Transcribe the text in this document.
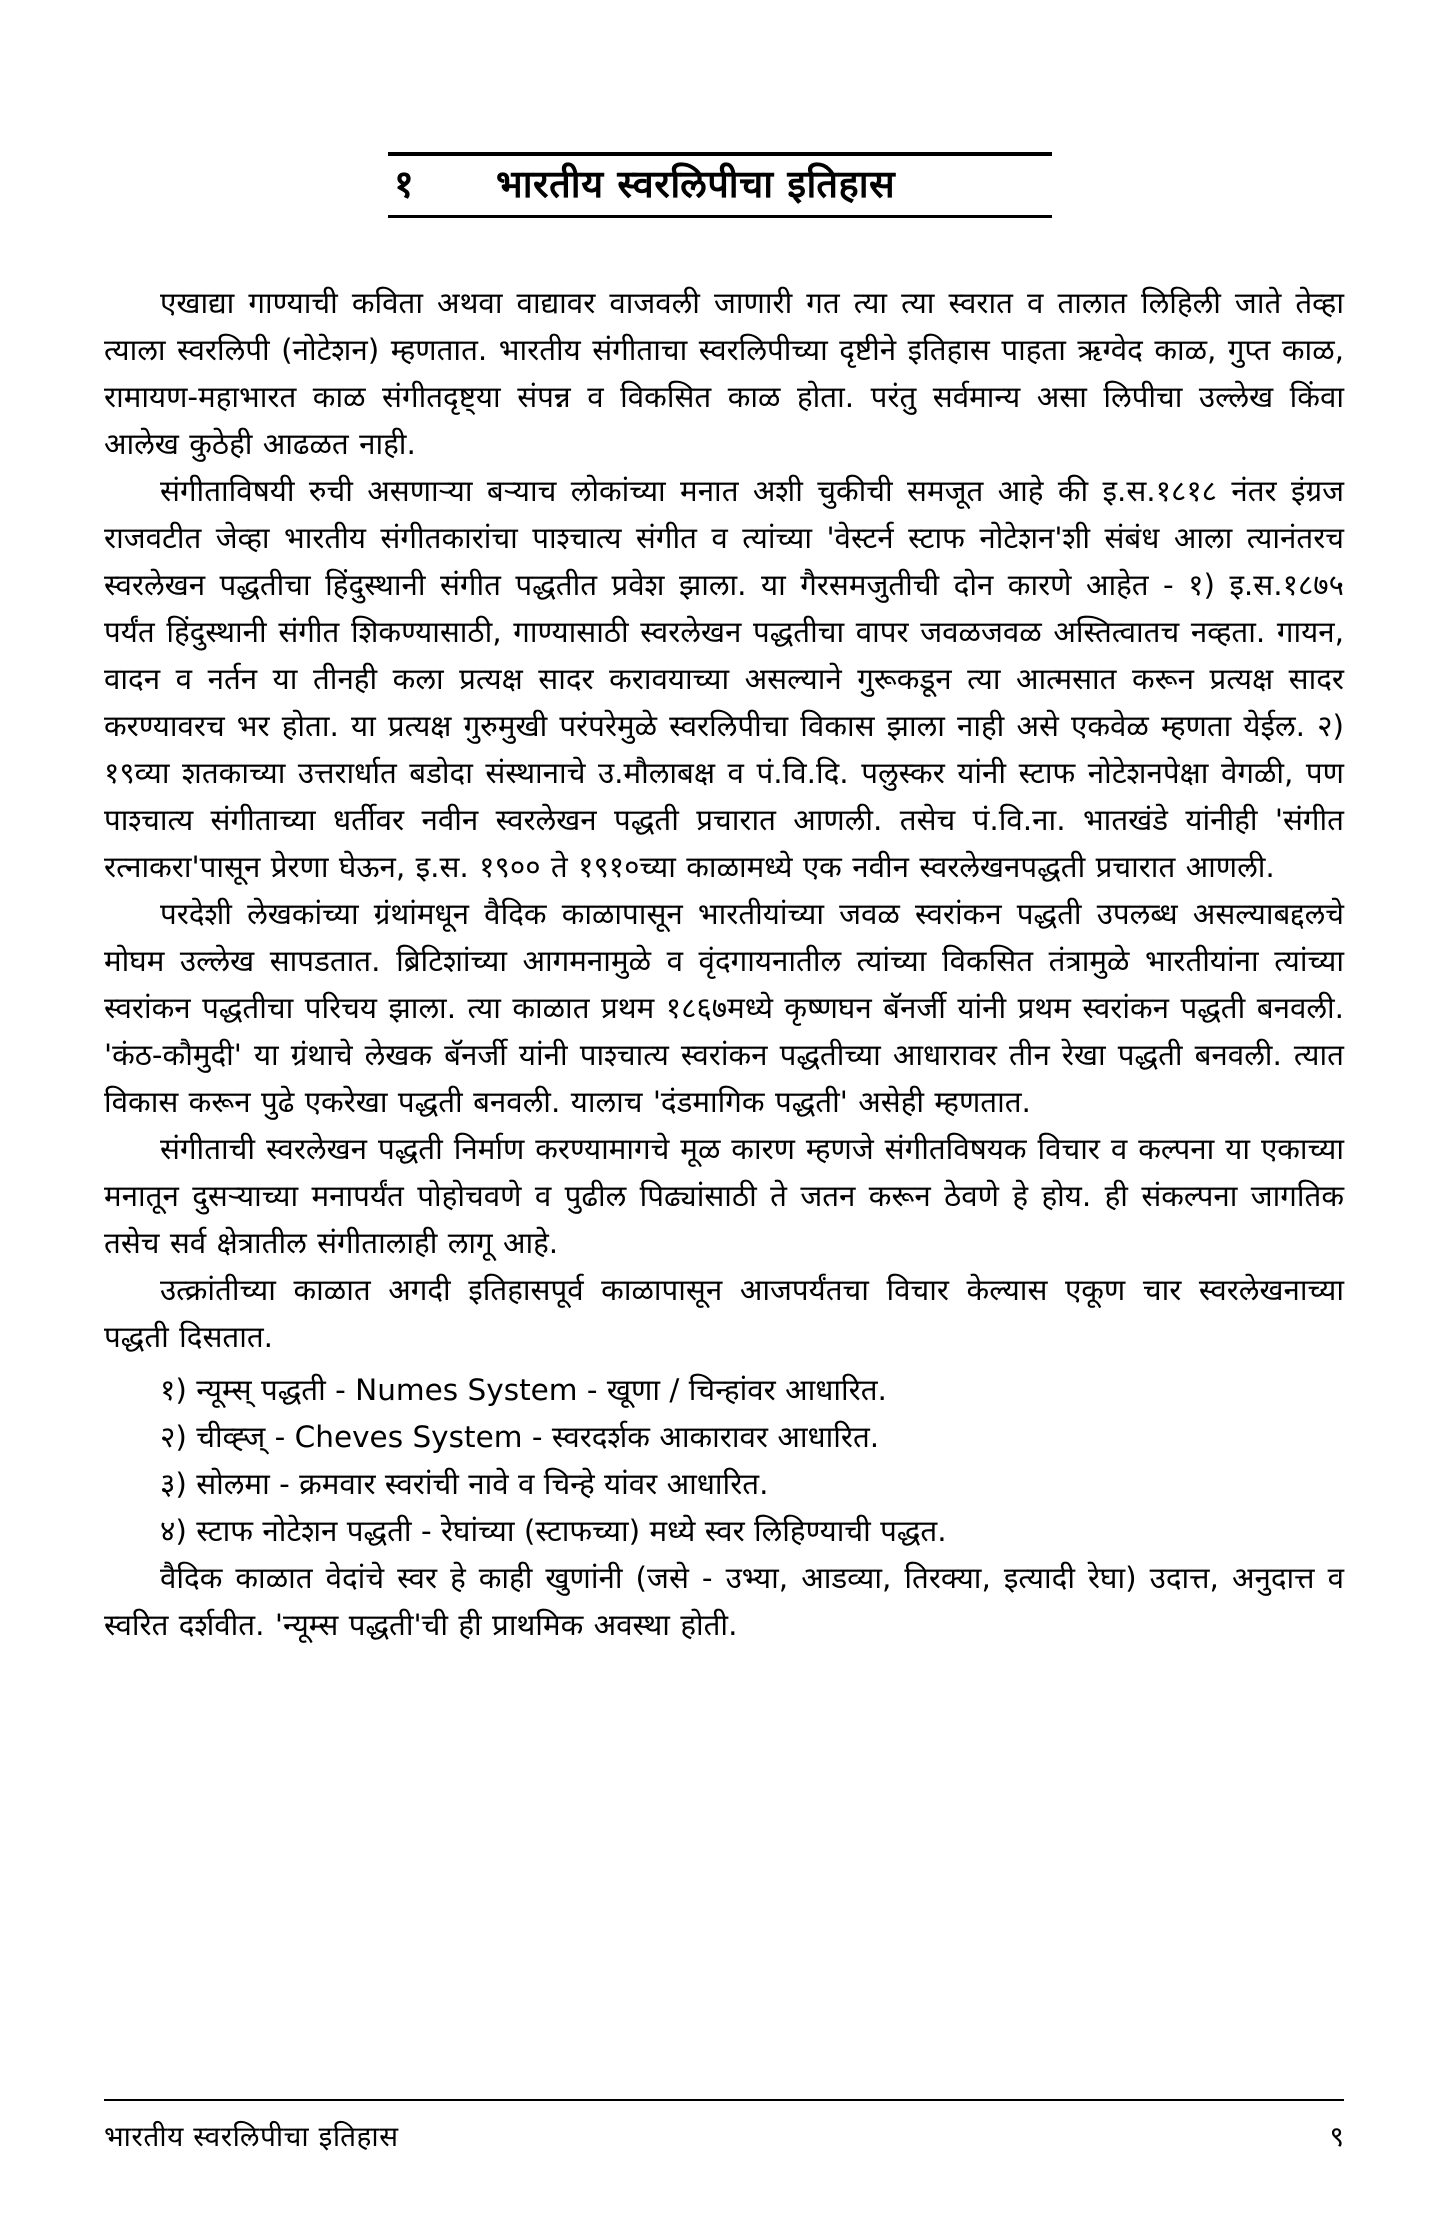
१	भारतीय स्वरलिपीचा इतिहास

एखाद्या गाण्याची कविता अथवा वाद्यावर वाजवली जाणारी गत त्या त्या स्वरात व तालात लिहिली जाते तेव्हा त्याला स्वरलिपी (नोटेशन) म्हणतात. भारतीय संगीताचा स्वरलिपीच्या दृष्टीने इतिहास पाहता ऋग्वेद काळ, गुप्त काळ, रामायण-महाभारत काळ संगीतदृष्ट्या संपन्न व विकसित काळ होता. परंतु सर्वमान्य असा लिपीचा उल्लेख किंवा आलेख कुठेही आढळत नाही.

संगीताविषयी रुची असणाऱ्या बऱ्याच लोकांच्या मनात अशी चुकीची समजूत आहे की इ.स.१८१८ नंतर इंग्रज राजवटीत जेव्हा भारतीय संगीतकारांचा पाश्चात्य संगीत व त्यांच्या 'वेस्टर्न स्टाफ नोटेशन'शी संबंध आला त्यानंतरच स्वरलेखन पद्धतीचा हिंदुस्थानी संगीत पद्धतीत प्रवेश झाला. या गैरसमजुतीची दोन कारणे आहेत - १) इ.स.१८७५ पर्यंत हिंदुस्थानी संगीत शिकण्यासाठी, गाण्यासाठी स्वरलेखन पद्धतीचा वापर जवळजवळ अस्तित्वातच नव्हता. गायन, वादन व नर्तन या तीनही कला प्रत्यक्ष सादर करावयाच्या असल्याने गुरूकडून त्या आत्मसात करून प्रत्यक्ष सादर करण्यावरच भर होता. या प्रत्यक्ष गुरुमुखी परंपरेमुळे स्वरलिपीचा विकास झाला नाही असे एकवेळ म्हणता येईल. २) १९व्या शतकाच्या उत्तरार्धात बडोदा संस्थानाचे उ.मौलाबक्ष व पं.वि.दि. पलुस्कर यांनी स्टाफ नोटेशनपेक्षा वेगळी, पण पाश्चात्य संगीताच्या धर्तीवर नवीन स्वरलेखन पद्धती प्रचारात आणली. तसेच पं.वि.ना. भातखंडे यांनीही 'संगीत रत्नाकरा'पासून प्रेरणा घेऊन, इ.स. १९०० ते १९१०च्या काळामध्ये एक नवीन स्वरलेखनपद्धती प्रचारात आणली.

परदेशी लेखकांच्या ग्रंथांमधून वैदिक काळापासून भारतीयांच्या जवळ स्वरांकन पद्धती उपलब्ध असल्याबद्दलचे मोघम उल्लेख सापडतात. ब्रिटिशांच्या आगमनामुळे व वृंदगायनातील त्यांच्या विकसित तंत्रामुळे भारतीयांना त्यांच्या स्वरांकन पद्धतीचा परिचय झाला. त्या काळात प्रथम १८६७मध्ये कृष्णघन बॅनर्जी यांनी प्रथम स्वरांकन पद्धती बनवली. 'कंठ-कौमुदी' या ग्रंथाचे लेखक बॅनर्जी यांनी पाश्चात्य स्वरांकन पद्धतीच्या आधारावर तीन रेखा पद्धती बनवली. त्यात विकास करून पुढे एकरेखा पद्धती बनवली. यालाच 'दंडमागिक पद्धती' असेही म्हणतात.

संगीताची स्वरलेखन पद्धती निर्माण करण्यामागचे मूळ कारण म्हणजे संगीतविषयक विचार व कल्पना या एकाच्या मनातून दुसऱ्याच्या मनापर्यंत पोहोचवणे व पुढील पिढ्यांसाठी ते जतन करून ठेवणे हे होय. ही संकल्पना जागतिक तसेच सर्व क्षेत्रातील संगीतालाही लागू आहे.

उत्क्रांतीच्या काळात अगदी इतिहासपूर्व काळापासून आजपर्यंतचा विचार केल्यास एकूण चार स्वरलेखनाच्या पद्धती दिसतात.

१) न्यूम्स् पद्धती - Numes System - खूणा / चिन्हांवर आधारित.
२) चीव्ह्ज् - Cheves System - स्वरदर्शक आकारावर आधारित.
३) सोलमा - क्रमवार स्वरांची नावे व चिन्हे यांवर आधारित.
४) स्टाफ नोटेशन पद्धती - रेघांच्या (स्टाफच्या) मध्ये स्वर लिहिण्याची पद्धत.

वैदिक काळात वेदांचे स्वर हे काही खुणांनी (जसे - उभ्या, आडव्या, तिरक्या, इत्यादी रेघा) उदात्त, अनुदात्त व स्वरित दर्शवीत. 'न्यूम्स पद्धती'ची ही प्राथमिक अवस्था होती.

भारतीय स्वरलिपीचा इतिहास	९
